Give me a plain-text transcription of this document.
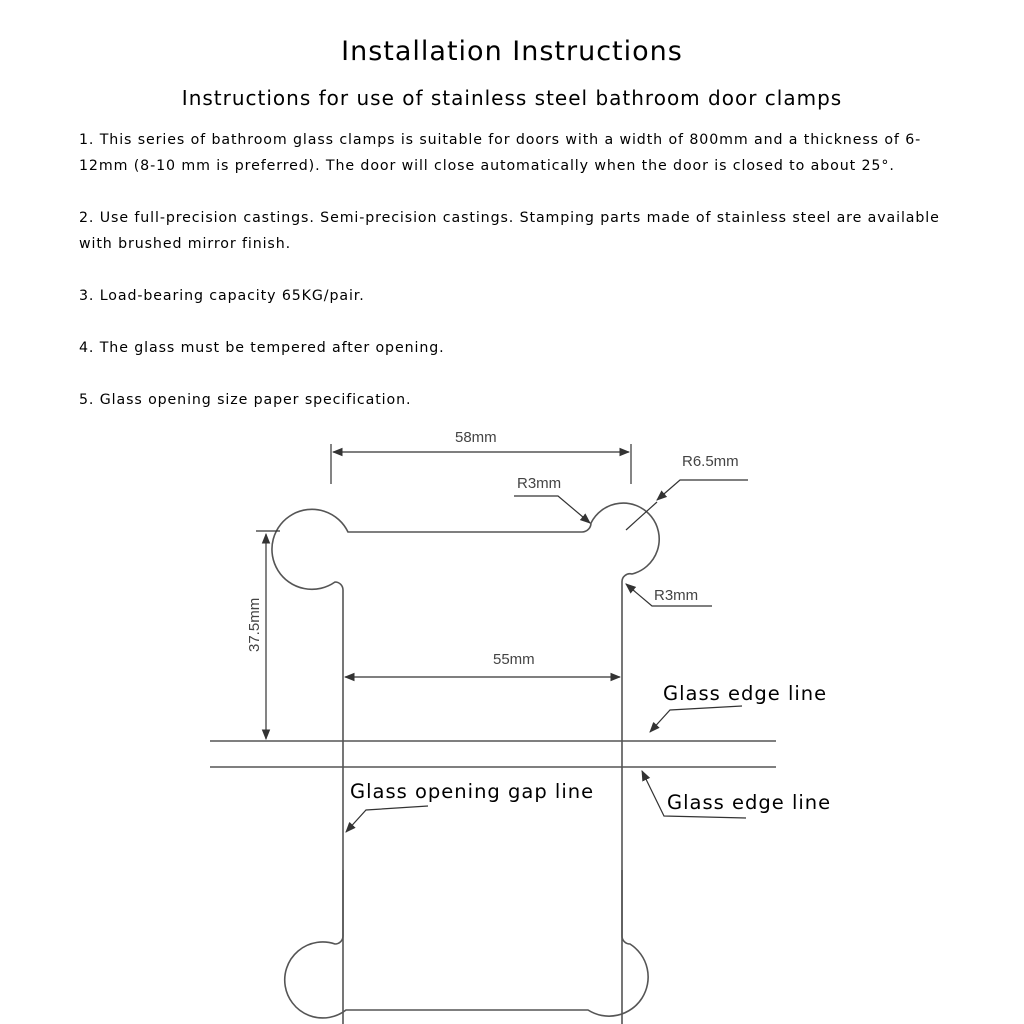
Installation Instructions
Instructions for use of stainless steel bathroom door clamps

1. This series of bathroom glass clamps is suitable for doors with a width of 800mm and a thickness of 6-12mm (8-10 mm is preferred). The door will close automatically when the door is closed to about 25°.

2. Use full-precision castings. Semi-precision castings. Stamping parts made of stainless steel are available with brushed mirror finish.

3. Load-bearing capacity 65KG/pair.

4. The glass must be tempered after opening.

5. Glass opening size paper specification.

58mm
R6.5mm
R3mm
R3mm
37.5mm
55mm
Glass edge line
Glass opening gap line	Glass edge line
